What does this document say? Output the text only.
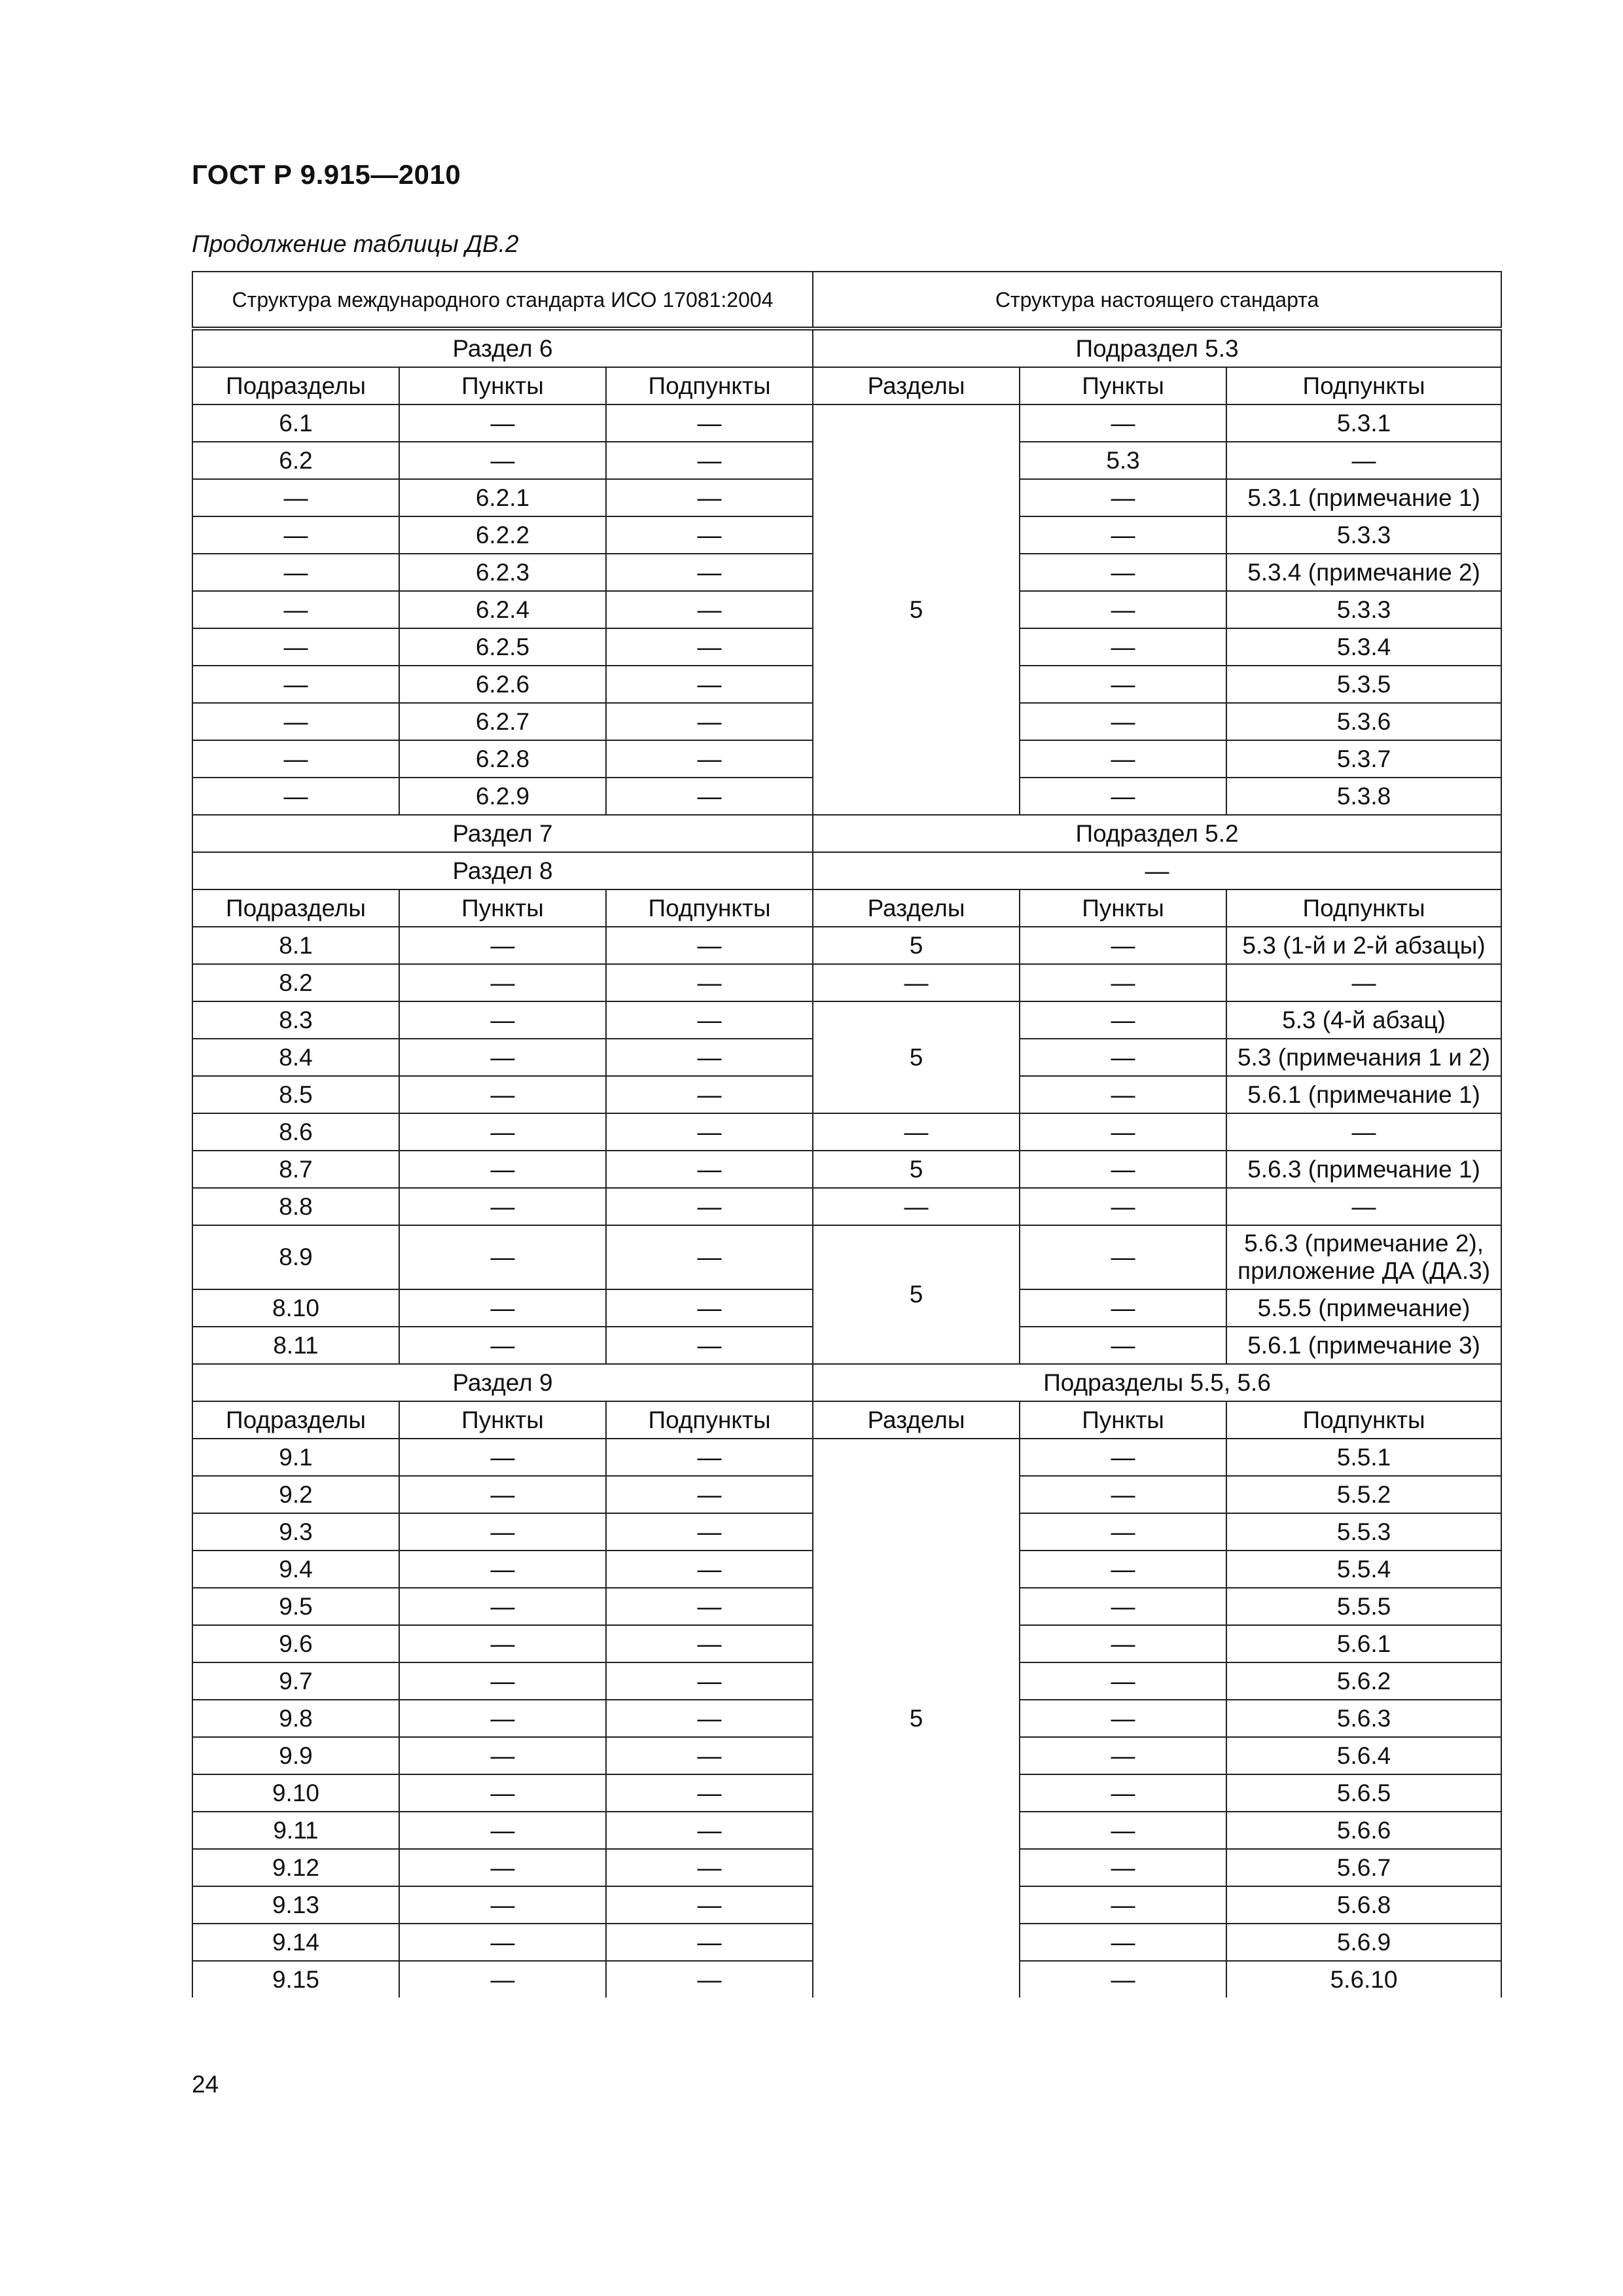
ГОСТ Р 9.915—2010
Продолжение таблицы ДВ.2
Структура международного стандарта ИСО 17081:2004			Структура настоящего стандарта		
Раздел 6			Подраздел 5.3		
Подразделы	Пункты	Подпункты	Разделы	Пункты	Подпункты
6.1	—	—	5	—	5.3.1
6.2	—	—		5.3	—
—	6.2.1	—		—	5.3.1 (примечание 1)
—	6.2.2	—		—	5.3.3
—	6.2.3	—		—	5.3.4 (примечание 2)
—	6.2.4	—		—	5.3.3
—	6.2.5	—		—	5.3.4
—	6.2.6	—		—	5.3.5
—	6.2.7	—		—	5.3.6
—	6.2.8	—		—	5.3.7
—	6.2.9	—		—	5.3.8
Раздел 7			Подраздел 5.2		
Раздел 8			—		
Подразделы	Пункты	Подпункты	Разделы	Пункты	Подпункты
8.1	—	—	5	—	5.3 (1-й и 2-й абзацы)
8.2	—	—	—	—	—
8.3	—	—	5	—	5.3 (4-й абзац)
8.4	—	—		—	5.3 (примечания 1 и 2)
8.5	—	—		—	5.6.1 (примечание 1)
8.6	—	—	—	—	—
8.7	—	—	5	—	5.6.3 (примечание 1)
8.8	—	—	—	—	—
8.9	—	—	5	—	5.6.3 (примечание 2), приложение ДА (ДА.3)
8.10	—	—		—	5.5.5 (примечание)
8.11	—	—		—	5.6.1 (примечание 3)
Раздел 9			Подразделы 5.5, 5.6		
Подразделы	Пункты	Подпункты	Разделы	Пункты	Подпункты
9.1	—	—	5	—	5.5.1
9.2	—	—		—	5.5.2
9.3	—	—		—	5.5.3
9.4	—	—		—	5.5.4
9.5	—	—		—	5.5.5
9.6	—	—		—	5.6.1
9.7	—	—		—	5.6.2
9.8	—	—		—	5.6.3
9.9	—	—		—	5.6.4
9.10	—	—		—	5.6.5
9.11	—	—		—	5.6.6
9.12	—	—		—	5.6.7
9.13	—	—		—	5.6.8
9.14	—	—		—	5.6.9
9.15	—	—		—	5.6.10
24
